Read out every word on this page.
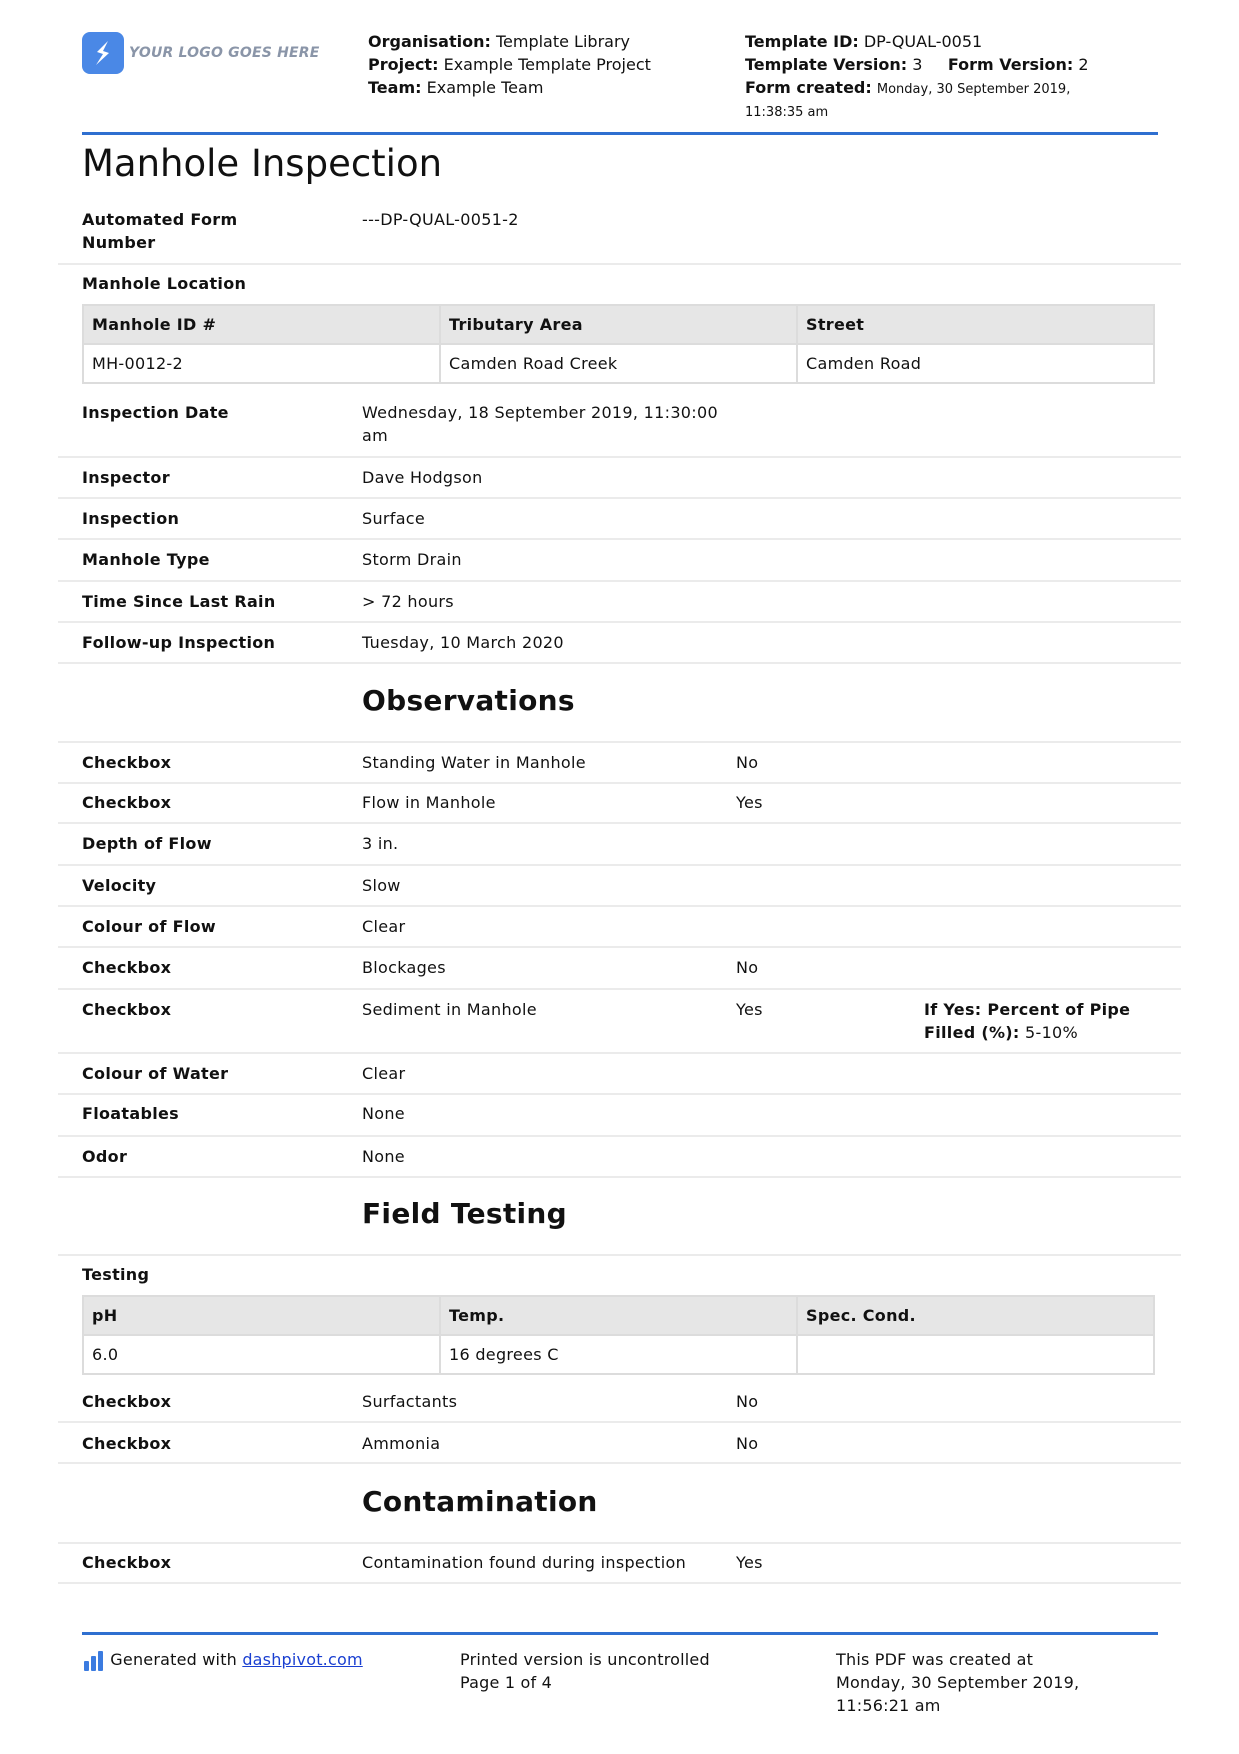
YOUR LOGO GOES HERE
Organisation: Template Library
Project: Example Template Project
Team: Example Team
Template ID: DP-QUAL-0051
Template Version: 3 Form Version: 2
Form created: Monday, 30 September 2019,
11:38:35 am
Manhole Inspection
Automated Form
Number
---DP-QUAL-0051-2
Manhole Location
Manhole ID #	Tributary Area	Street
MH-0012-2	Camden Road Creek	Camden Road
Inspection Date	Wednesday, 18 September 2019, 11:30:00
am
Inspector	Dave Hodgson
Inspection	Surface
Manhole Type	Storm Drain
Time Since Last Rain	> 72 hours
Follow-up Inspection	Tuesday, 10 March 2020
Observations
Checkbox	Standing Water in Manhole	No
Checkbox	Flow in Manhole	Yes
Depth of Flow	3 in.
Velocity	Slow
Colour of Flow	Clear
Checkbox	Blockages	No
Checkbox	Sediment in Manhole	Yes	If Yes: Percent of Pipe
Filled (%): 5-10%
Colour of Water	Clear
Floatables	None
Odor	None
Field Testing
Testing
pH	Temp.	Spec. Cond.
6.0	16 degrees C	
Checkbox	Surfactants	No
Checkbox	Ammonia	No
Contamination
Checkbox	Contamination found during inspection	Yes
Generated with dashpivot.com	Printed version is uncontrolled
Page 1 of 4
This PDF was created at
Monday, 30 September 2019,
11:56:21 am
